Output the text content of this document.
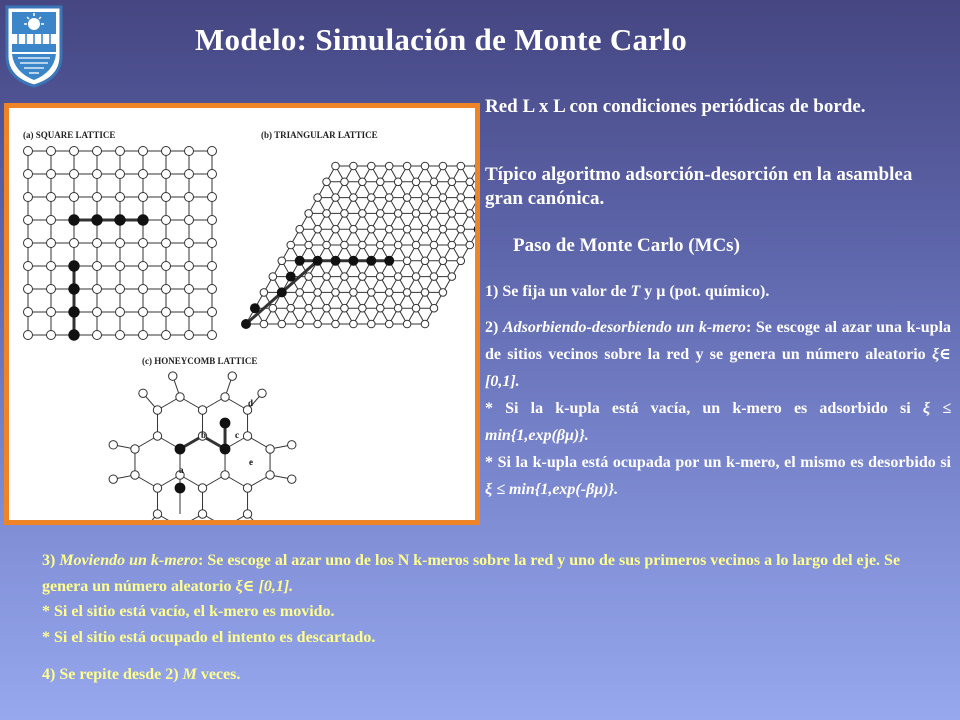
Modelo: Simulación de Monte Carlo
(a) SQUARE LATTICE	(b) TRIANGULAR LATTICE
(c) HONEYCOMB LATTICE
a
b	c
d
e
Red L x L con condiciones periódicas de borde.
Típico algoritmo adsorción-desorción en la asamblea gran canónica.
Paso de Monte Carlo (MCs)
1) Se fija un valor de T y μ (pot. químico).

2) Adsorbiendo-desorbiendo un k-mero: Se escoge al azar una k-upla de sitios vecinos sobre la red y se genera un número aleatorio ξ∈ [0,1].

* Si la k-upla está vacía, un k-mero es adsorbido si ξ ≤ min{1,exp(βμ)}.

* Si la k-upla está ocupada por un k-mero, el mismo es desorbido si ξ ≤ min{1,exp(-βμ)}.

3) Moviendo un k-mero: Se escoge al azar uno de los N k-meros sobre la red y uno de sus primeros vecinos a lo largo del eje. Se genera un número aleatorio ξ∈ [0,1].

* Si el sitio está vacío, el k-mero es movido.

* Si el sitio está ocupado el intento es descartado.

4) Se repite desde 2) M veces.
